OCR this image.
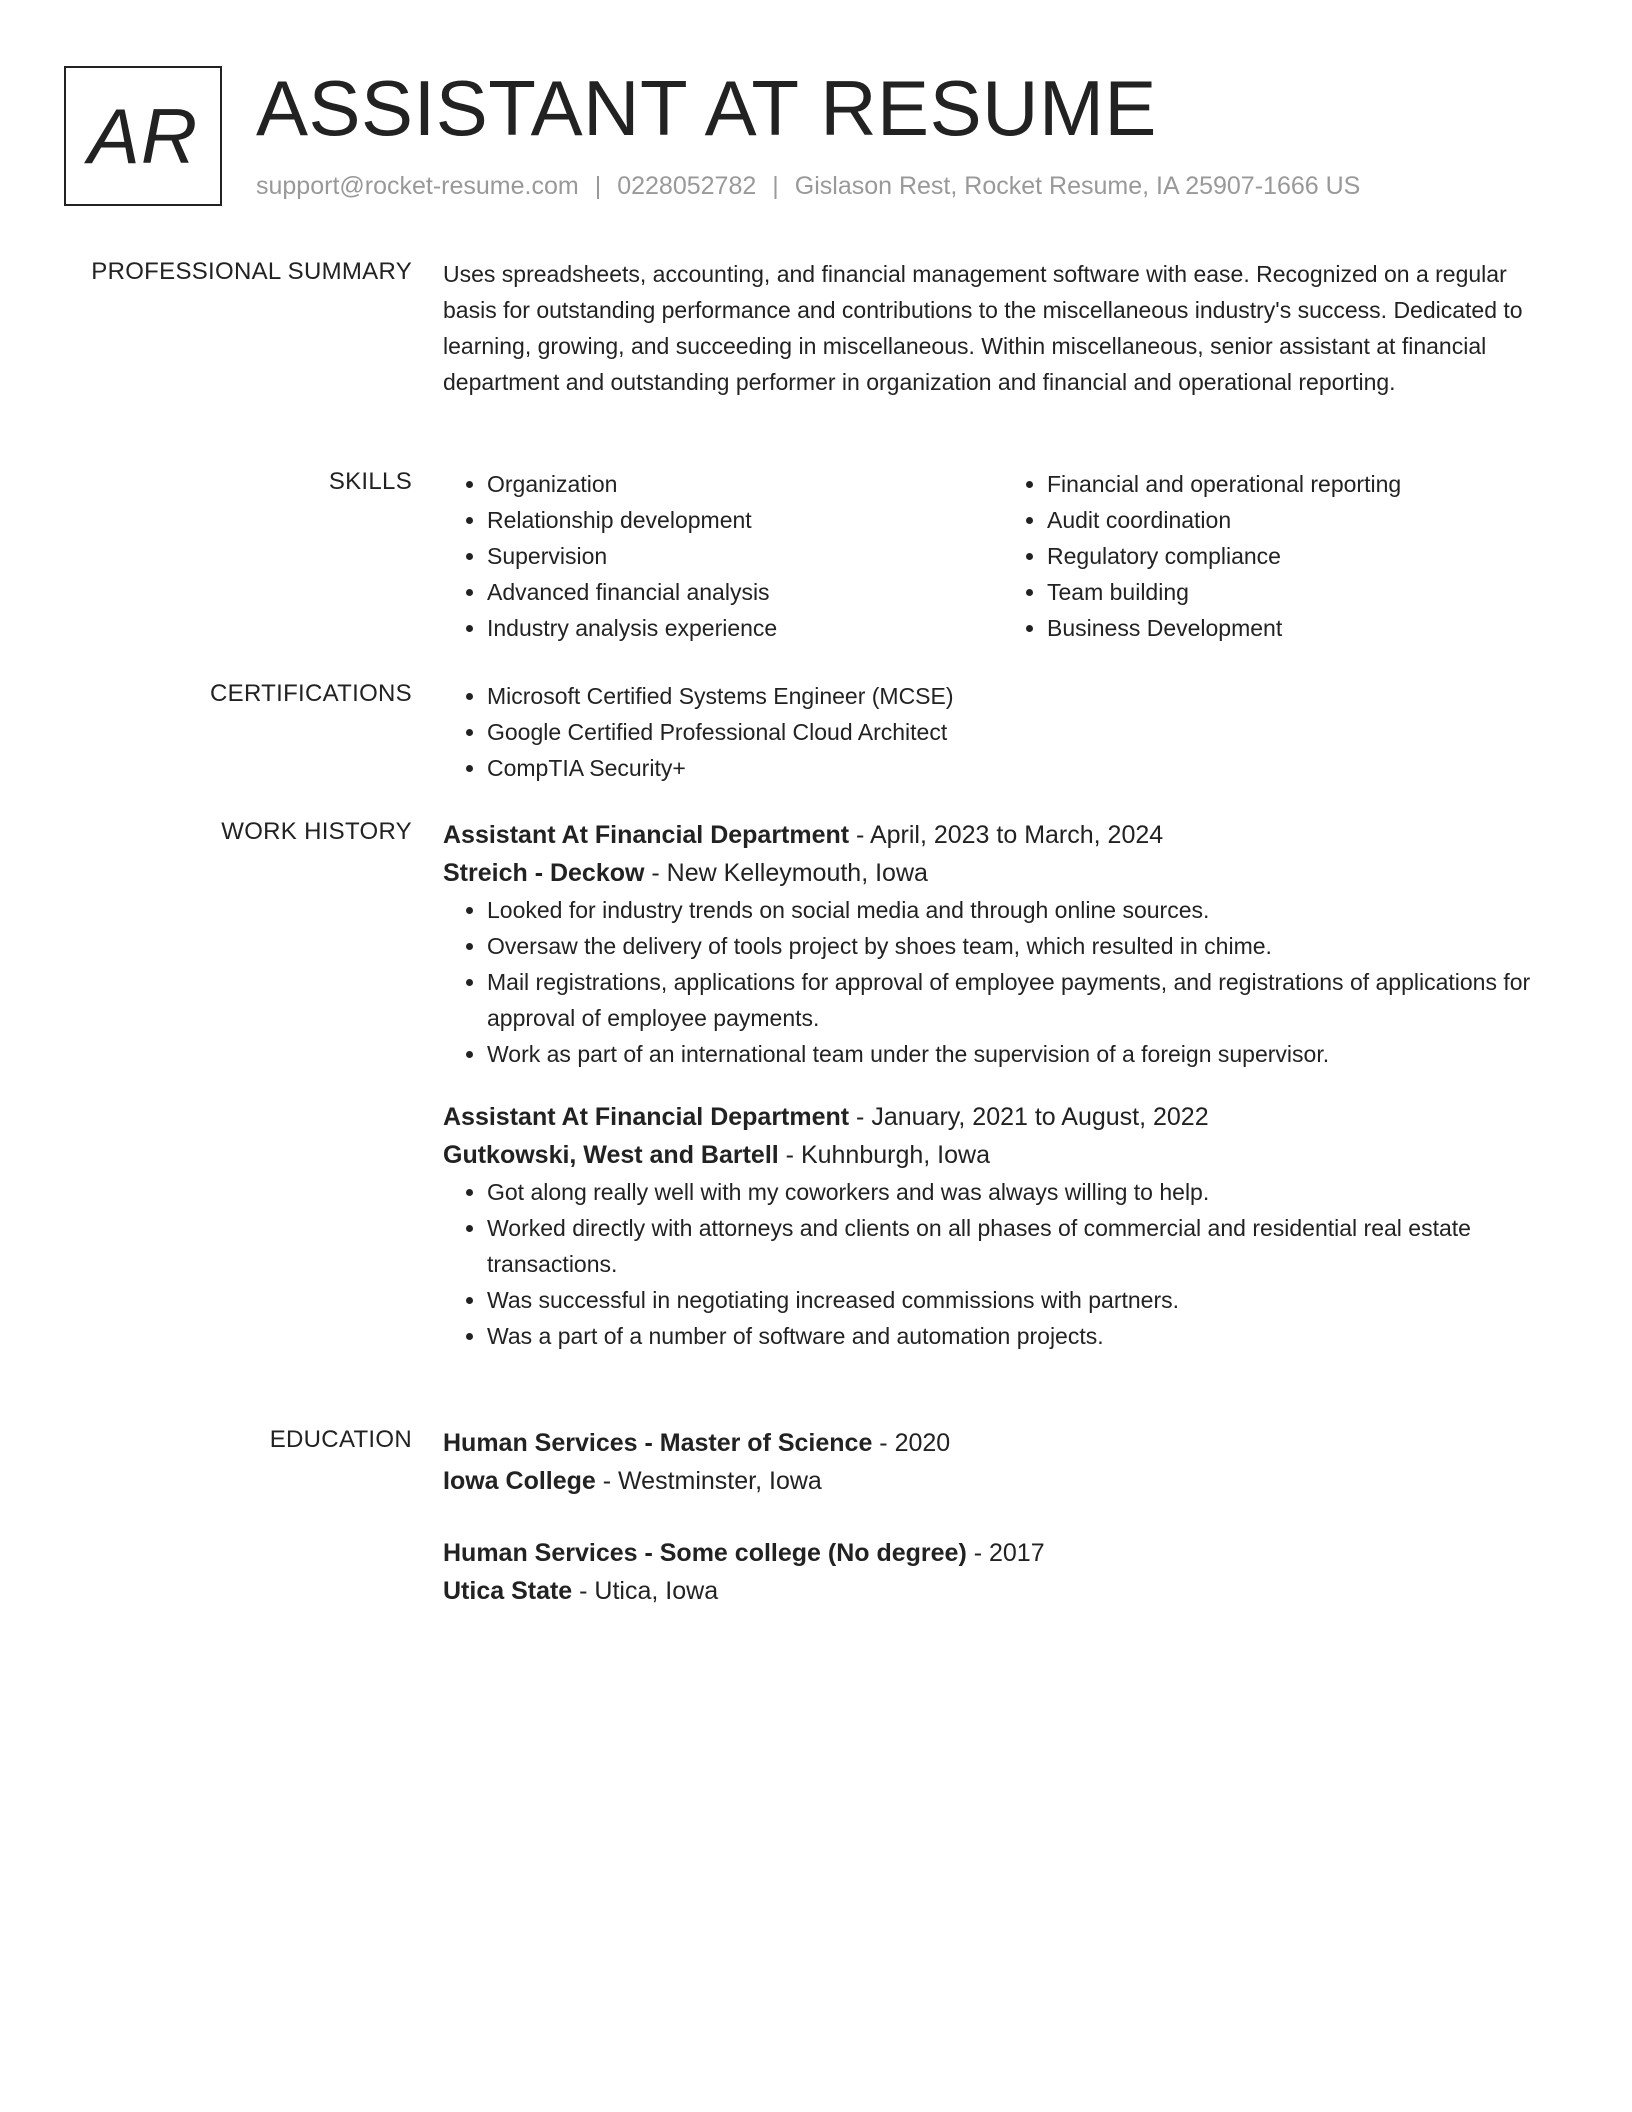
AR ASSISTANT AT RESUME
support@rocket-resume.com | 0228052782 | Gislason Rest, Rocket Resume, IA 25907-1666 US
PROFESSIONAL SUMMARY Uses spreadsheets, accounting, and financial management software with ease. Recognized on a regular basis for outstanding performance and contributions to the miscellaneous industry's success. Dedicated to learning, growing, and succeeding in miscellaneous. Within miscellaneous, senior assistant at financial department and outstanding performer in organization and financial and operational reporting.

SKILLS	• Organization
• Relationship development
• Supervision
• Advanced financial analysis
• Industry analysis experience
• Financial and operational reporting
• Audit coordination
• Regulatory compliance
• Team building
• Business Development
CERTIFICATIONS	• Microsoft Certified Systems Engineer (MCSE)
• Google Certified Professional Cloud Architect
• CompTIA Security+
WORK HISTORY Assistant At Financial Department - April, 2023 to March, 2024
Streich - Deckow - New Kelleymouth, Iowa
• Looked for industry trends on social media and through online sources.
• Oversaw the delivery of tools project by shoes team, which resulted in chime.
• Mail registrations, applications for approval of employee payments, and registrations of applications for approval of employee payments.
• Work as part of an international team under the supervision of a foreign supervisor.
Assistant At Financial Department - January, 2021 to August, 2022
Gutkowski, West and Bartell - Kuhnburgh, Iowa
• Got along really well with my coworkers and was always willing to help.
• Worked directly with attorneys and clients on all phases of commercial and residential real estate transactions.
• Was successful in negotiating increased commissions with partners.
• Was a part of a number of software and automation projects.
EDUCATION Human Services - Master of Science - 2020
Iowa College - Westminster, Iowa
Human Services - Some college (No degree) - 2017
Utica State - Utica, Iowa
